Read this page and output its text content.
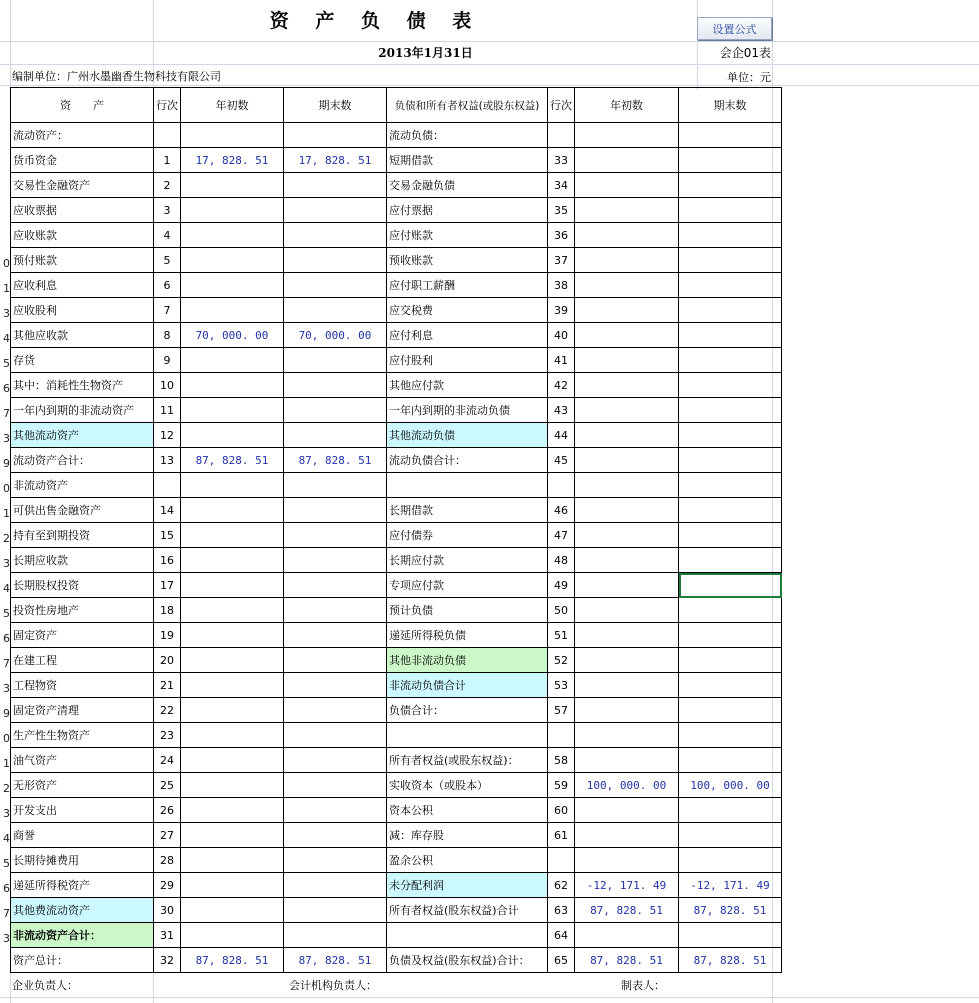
0
1
3
4
5
6
7
3
9
0
1
2
3
4
5
6
7
3
9
0
1
2
3
4
5
6
7
3
资 产 负 债 表	设置公式
2013年1月31日	会企01表
编制单位：广州水墨幽香生物科技有限公司	单位：元
资　　产	行次	年初数	期末数	负债和所有者权益(或股东权益)	行次	年初数	期末数
流动资产：				流动负债：			
货币资金	1	17, 828. 51	17, 828. 51	短期借款	33		
交易性金融资产	2			交易金融负债	34		
应收票据	3			应付票据	35		
应收账款	4			应付账款	36		
预付账款	5			预收账款	37		
应收利息	6			应付职工薪酬	38		
应收股利	7			应交税费	39		
其他应收款	8	70, 000. 00	70, 000. 00	应付利息	40		
存货	9			应付股利	41		
其中：消耗性生物资产	10			其他应付款	42		
一年内到期的非流动资产	11			一年内到期的非流动负债	43		
其他流动资产	12			其他流动负债	44		
流动资产合计：	13	87, 828. 51	87, 828. 51	流动负债合计：	45		
非流动资产							
可供出售金融资产	14			长期借款	46		
持有至到期投资	15			应付债券	47		
长期应收款	16			长期应付款	48		
长期股权投资	17			专项应付款	49		
投资性房地产	18			预计负债	50		
固定资产	19			递延所得税负债	51		
在建工程	20			其他非流动负债	52		
工程物资	21			非流动负债合计	53		
固定资产清理	22			负债合计：	57		
生产性生物资产	23						
油气资产	24			所有者权益(或股东权益)：	58		
无形资产	25			实收资本（或股本）	59	100, 000. 00	100, 000. 00
开发支出	26			资本公积	60		
商誉	27			减：库存股	61		
长期待摊费用	28			盈余公积			
递延所得税资产	29			未分配利润	62	-12, 171. 49	-12, 171. 49
其他费流动资产	30			所有者权益(股东权益)合计	63	87, 828. 51	87, 828. 51
非流动资产合计：	31				64		
资产总计：	32	87, 828. 51	87, 828. 51	负债及权益(股东权益)合计：	65	87, 828. 51	87, 828. 51
企业负责人：	会计机构负责人：	制表人：
